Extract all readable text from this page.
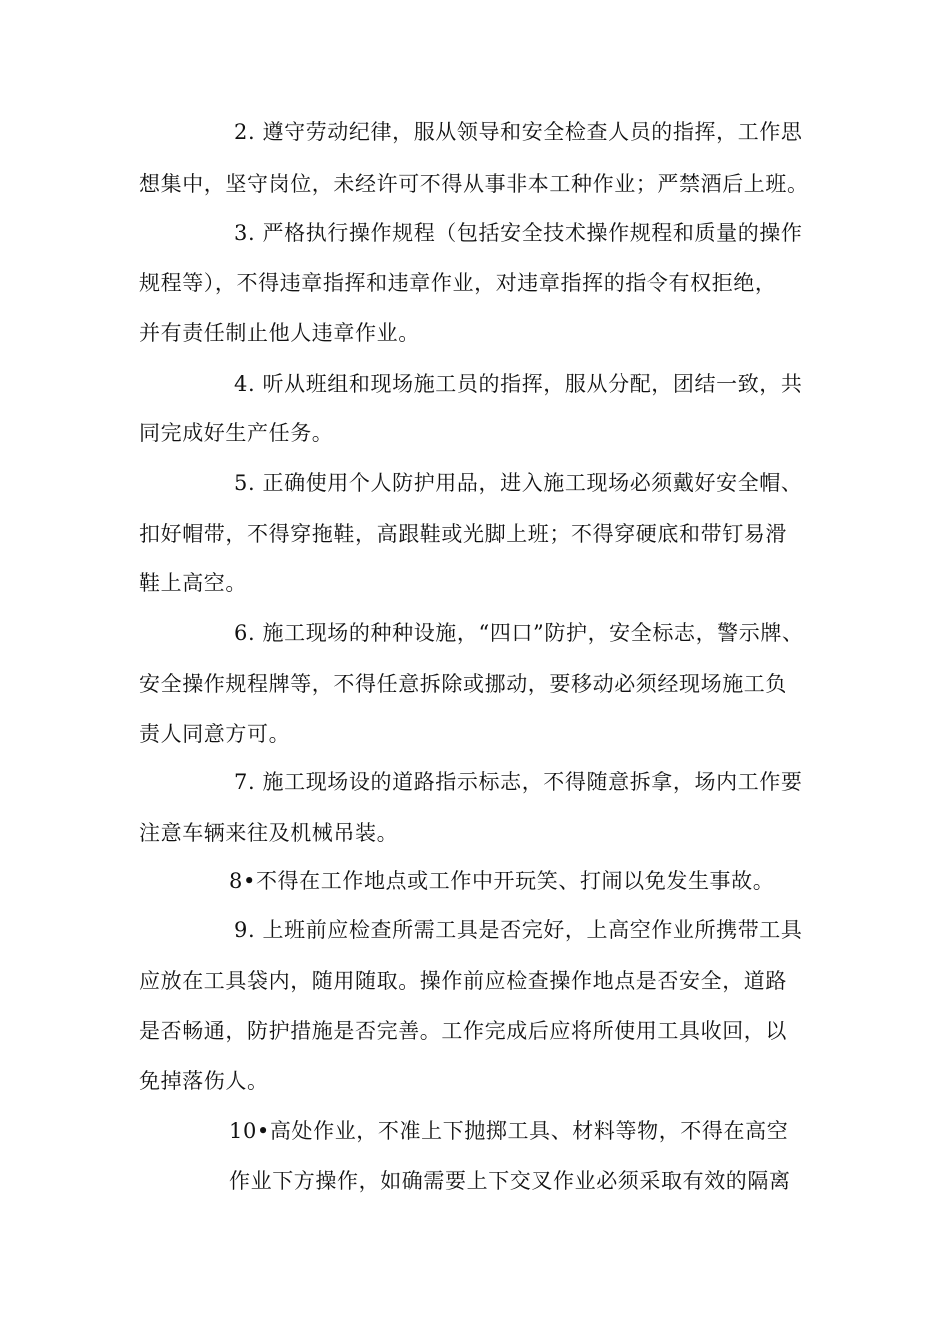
2. 遵守劳动纪律，服从领导和安全检查人员的指挥，工作思
想集中，坚守岗位，未经许可不得从事非本工种作业；严禁酒后上班。
3. 严格执行操作规程（包括安全技术操作规程和质量的操作
规程等），不得违章指挥和违章作业，对违章指挥的指令有权拒绝，
并有责任制止他人违章作业。
4. 听从班组和现场施工员的指挥，服从分配，团结一致，共
同完成好生产任务。
5. 正确使用个人防护用品，进入施工现场必须戴好安全帽、
扣好帽带，不得穿拖鞋，高跟鞋或光脚上班；不得穿硬底和带钉易滑
鞋上高空。
6. 施工现场的种种设施，“四口”防护，安全标志，警示牌、
安全操作规程牌等，不得任意拆除或挪动，要移动必须经现场施工负
责人同意方可。
7. 施工现场设的道路指示标志，不得随意拆拿，场内工作要
注意车辆来往及机械吊装。
8•不得在工作地点或工作中开玩笑、打闹以免发生事故。
9. 上班前应检查所需工具是否完好，上高空作业所携带工具
应放在工具袋内，随用随取。操作前应检查操作地点是否安全，道路
是否畅通，防护措施是否完善。工作完成后应将所使用工具收回，以
免掉落伤人。
10•高处作业，不准上下抛掷工具、材料等物，不得在高空
作业下方操作，如确需要上下交叉作业必须采取有效的隔离
